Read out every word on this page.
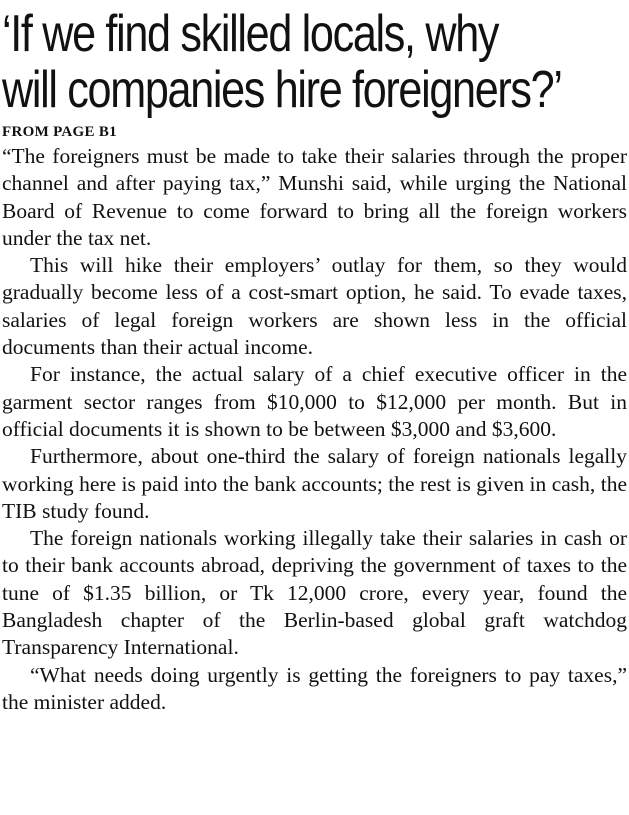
‘If we find skilled locals, why
will companies hire foreigners?’
FROM PAGE B1

“The foreigners must be made to take their salaries through the proper channel and after paying tax,” Munshi said, while urging the National Board of Revenue to come forward to bring all the foreign workers under the tax net.

This will hike their employers’ outlay for them, so they would gradually become less of a cost-smart option, he said. To evade taxes, salaries of legal foreign workers are shown less in the official documents than their actual income.

For instance, the actual salary of a chief executive officer in the garment sector ranges from $10,000 to $12,000 per month. But in official documents it is shown to be between $3,000 and $3,600.

Furthermore, about one-third the salary of foreign nationals legally working here is paid into the bank accounts; the rest is given in cash, the TIB study found.

The foreign nationals working illegally take their salaries in cash or to their bank accounts abroad, depriving the government of taxes to the tune of $1.35 billion, or Tk 12,000 crore, every year, found the Bangladesh chapter of the Berlin-based global graft watchdog Transparency International.

“What needs doing urgently is getting the foreigners to pay taxes,” the minister added.
